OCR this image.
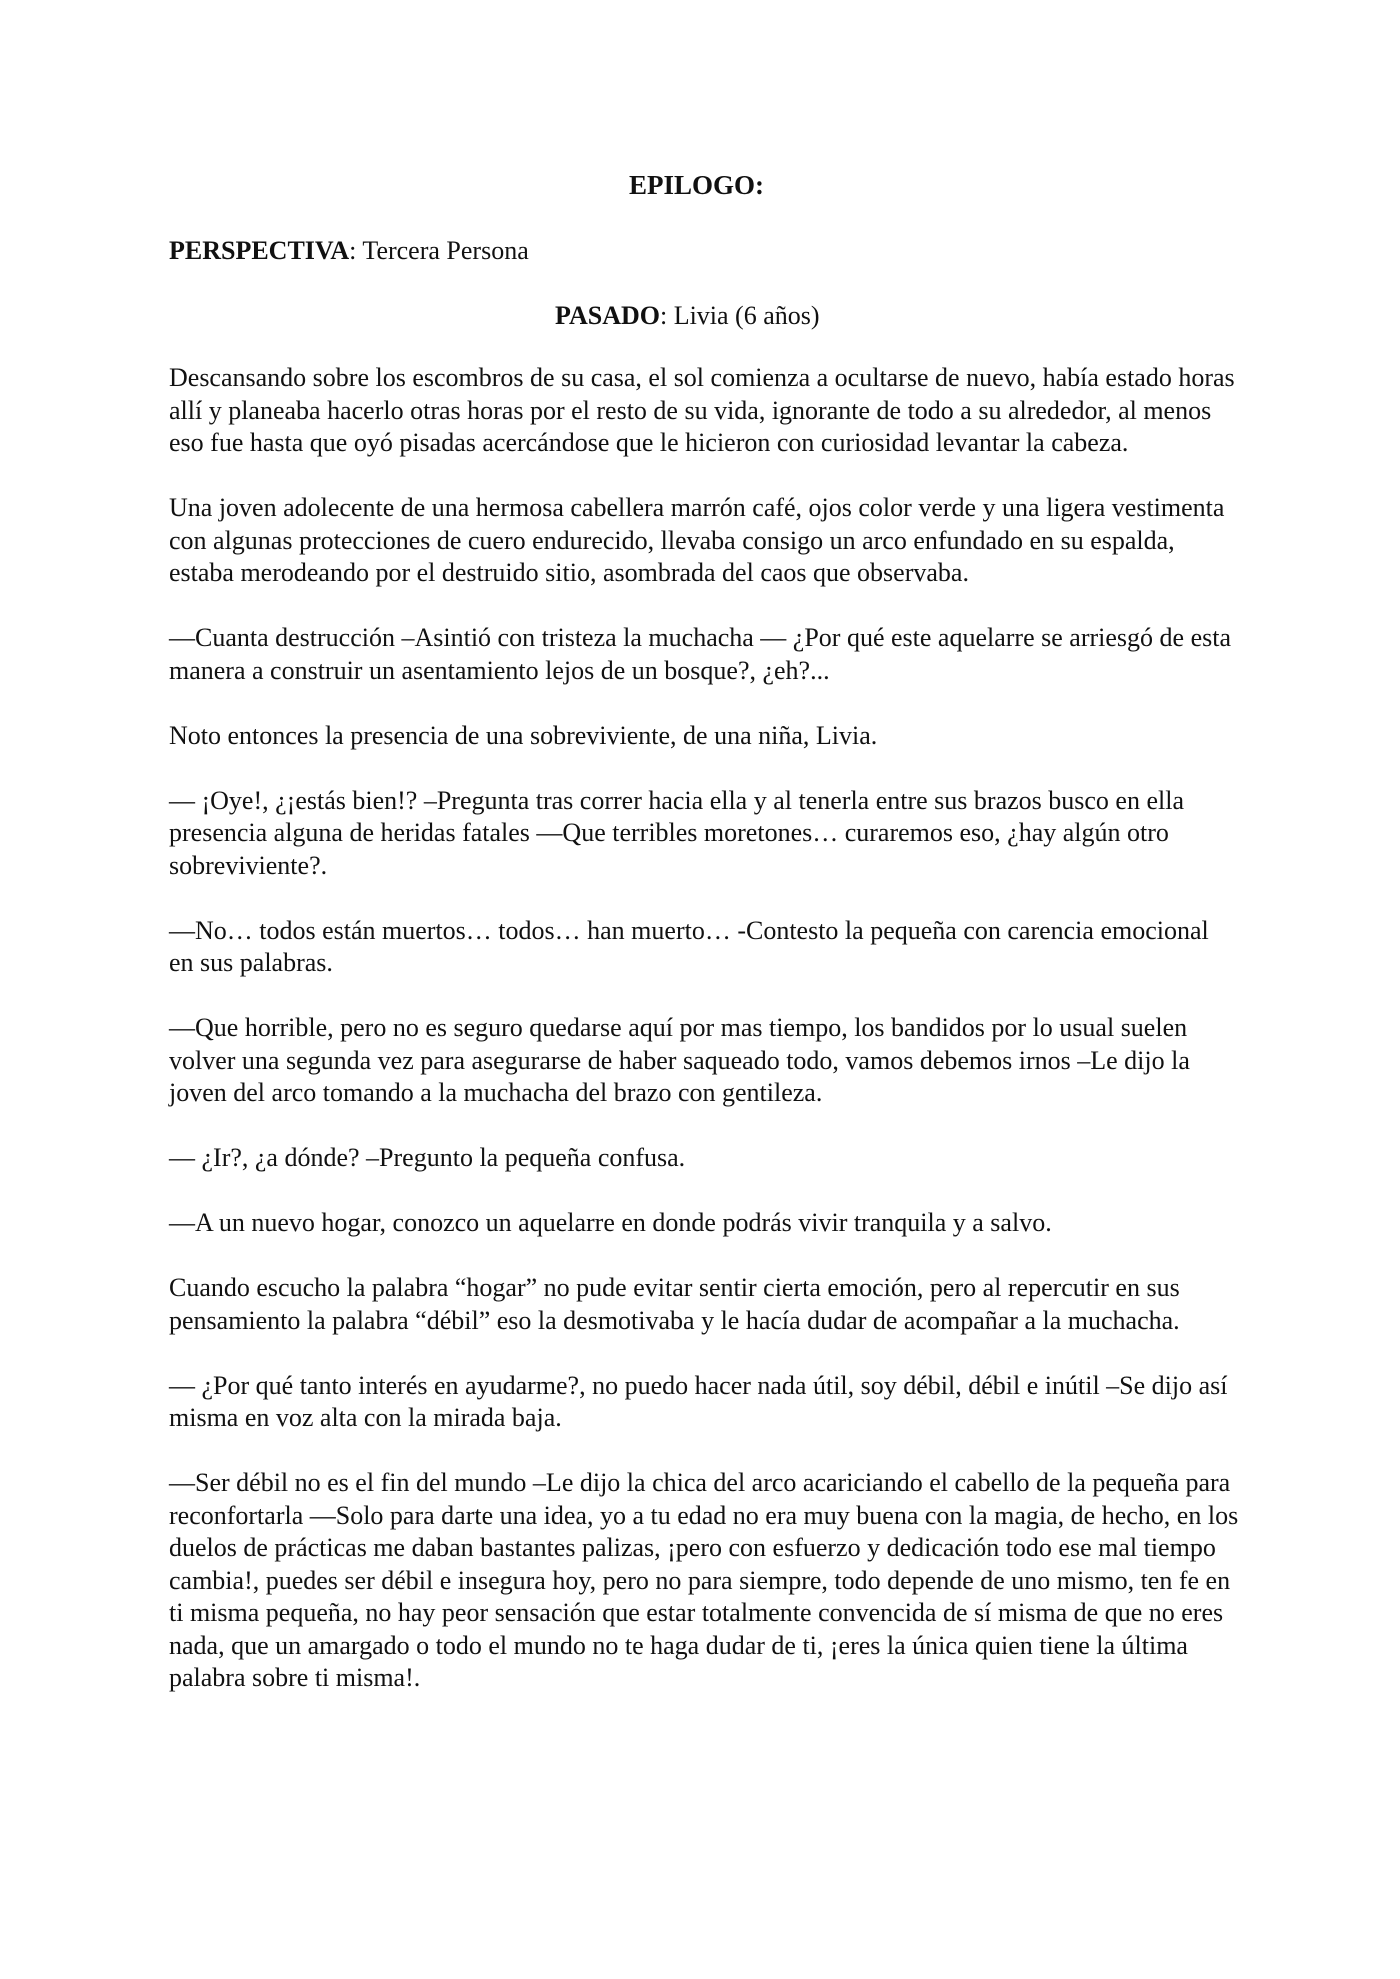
EPILOGO:

PERSPECTIVA: Tercera Persona

PASADO: Livia (6 años)

Descansando sobre los escombros de su casa, el sol comienza a ocultarse de nuevo, había estado horas allí y planeaba hacerlo otras horas por el resto de su vida, ignorante de todo a su alrededor, al menos eso fue hasta que oyó pisadas acercándose que le hicieron con curiosidad levantar la cabeza.

Una joven adolecente de una hermosa cabellera marrón café, ojos color verde y una ligera vestimenta con algunas protecciones de cuero endurecido, llevaba consigo un arco enfundado en su espalda, estaba merodeando por el destruido sitio, asombrada del caos que observaba.

—Cuanta destrucción –Asintió con tristeza la muchacha — ¿Por qué este aquelarre se arriesgó de esta manera a construir un asentamiento lejos de un bosque?, ¿eh?...

Noto entonces la presencia de una sobreviviente, de una niña, Livia.

— ¡Oye!, ¿¡estás bien!? –Pregunta tras correr hacia ella y al tenerla entre sus brazos busco en ella presencia alguna de heridas fatales —Que terribles moretones… curaremos eso, ¿hay algún otro sobreviviente?.

—No… todos están muertos… todos… han muerto… -Contesto la pequeña con carencia emocional en sus palabras.

—Que horrible, pero no es seguro quedarse aquí por mas tiempo, los bandidos por lo usual suelen volver una segunda vez para asegurarse de haber saqueado todo, vamos debemos irnos –Le dijo la joven del arco tomando a la muchacha del brazo con gentileza.

— ¿Ir?, ¿a dónde? –Pregunto la pequeña confusa.

—A un nuevo hogar, conozco un aquelarre en donde podrás vivir tranquila y a salvo.

Cuando escucho la palabra “hogar” no pude evitar sentir cierta emoción, pero al repercutir en sus pensamiento la palabra “débil” eso la desmotivaba y le hacía dudar de acompañar a la muchacha.

— ¿Por qué tanto interés en ayudarme?, no puedo hacer nada útil, soy débil, débil e inútil –Se dijo así misma en voz alta con la mirada baja.

—Ser débil no es el fin del mundo –Le dijo la chica del arco acariciando el cabello de la pequeña para reconfortarla —Solo para darte una idea, yo a tu edad no era muy buena con la magia, de hecho, en los duelos de prácticas me daban bastantes palizas, ¡pero con esfuerzo y dedicación todo ese mal tiempo cambia!, puedes ser débil e insegura hoy, pero no para siempre, todo depende de uno mismo, ten fe en ti misma pequeña, no hay peor sensación que estar totalmente convencida de sí misma de que no eres nada, que un amargado o todo el mundo no te haga dudar de ti, ¡eres la única quien tiene la última palabra sobre ti misma!.
